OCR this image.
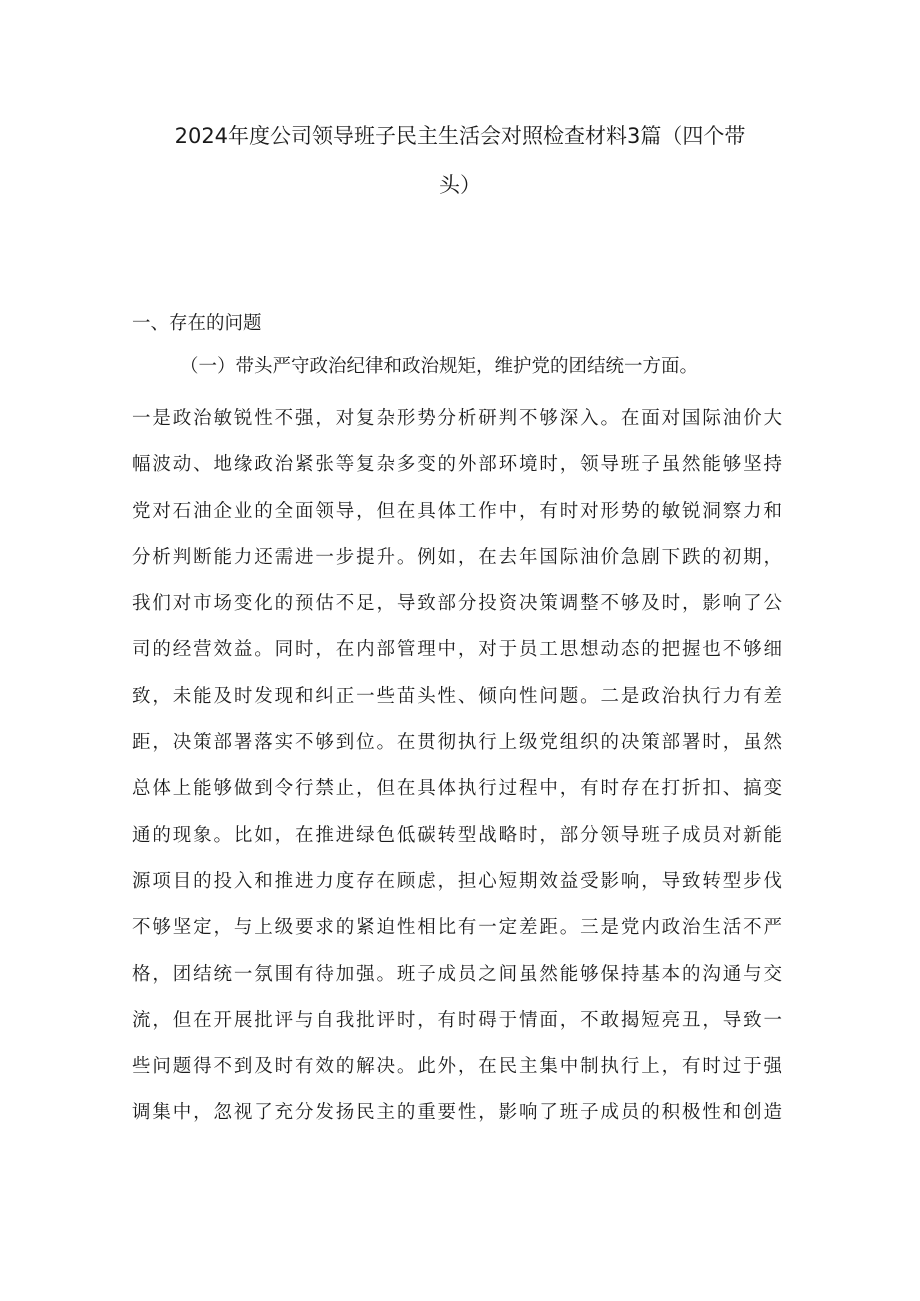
2024年度公司领导班子民主生活会对照检查材料3篇（四个带
头）
一、存在的问题
（一）带头严守政治纪律和政治规矩，维护党的团结统一方面。
一是政治敏锐性不强，对复杂形势分析研判不够深入。在面对国际油价大
幅波动、地缘政治紧张等复杂多变的外部环境时，领导班子虽然能够坚持
党对石油企业的全面领导，但在具体工作中，有时对形势的敏锐洞察力和
分析判断能力还需进一步提升。例如，在去年国际油价急剧下跌的初期，
我们对市场变化的预估不足，导致部分投资决策调整不够及时，影响了公
司的经营效益。同时，在内部管理中，对于员工思想动态的把握也不够细
致，未能及时发现和纠正一些苗头性、倾向性问题。二是政治执行力有差
距，决策部署落实不够到位。在贯彻执行上级党组织的决策部署时，虽然
总体上能够做到令行禁止，但在具体执行过程中，有时存在打折扣、搞变
通的现象。比如，在推进绿色低碳转型战略时，部分领导班子成员对新能
源项目的投入和推进力度存在顾虑，担心短期效益受影响，导致转型步伐
不够坚定，与上级要求的紧迫性相比有一定差距。三是党内政治生活不严
格，团结统一氛围有待加强。班子成员之间虽然能够保持基本的沟通与交
流，但在开展批评与自我批评时，有时碍于情面，不敢揭短亮丑，导致一
些问题得不到及时有效的解决。此外，在民主集中制执行上，有时过于强
调集中，忽视了充分发扬民主的重要性，影响了班子成员的积极性和创造
